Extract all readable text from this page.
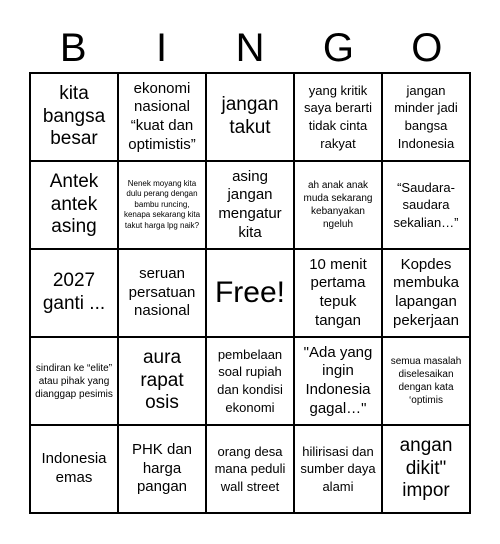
B	I	N	G	O
kita bangsa besar
ekonomi nasional “kuat dan optimistis”
jangan takut
yang kritik saya berarti tidak cinta rakyat
jangan minder jadi bangsa Indonesia
Antek antek asing
Nenek moyang kita dulu perang dengan bambu runcing, kenapa sekarang kita takut harga lpg naik?
asing jangan mengatur kita
ah anak anak muda sekarang kebanyakan ngeluh
“Saudara-saudara sekalian…”
2027 ganti ...
seruan persatuan nasional
Free!
10 menit pertama tepuk tangan
Kopdes membuka lapangan pekerjaan
sindiran ke “elite” atau pihak yang dianggap pesimis
aura rapat osis
pembelaan soal rupiah dan kondisi ekonomi
"Ada yang ingin Indonesia gagal…"
semua masalah diselesaikan dengan kata ‘optimis
Indonesia emas
PHK dan harga pangan
orang desa mana peduli wall street
hilirisasi dan sumber daya alami
angan dikit" impor
